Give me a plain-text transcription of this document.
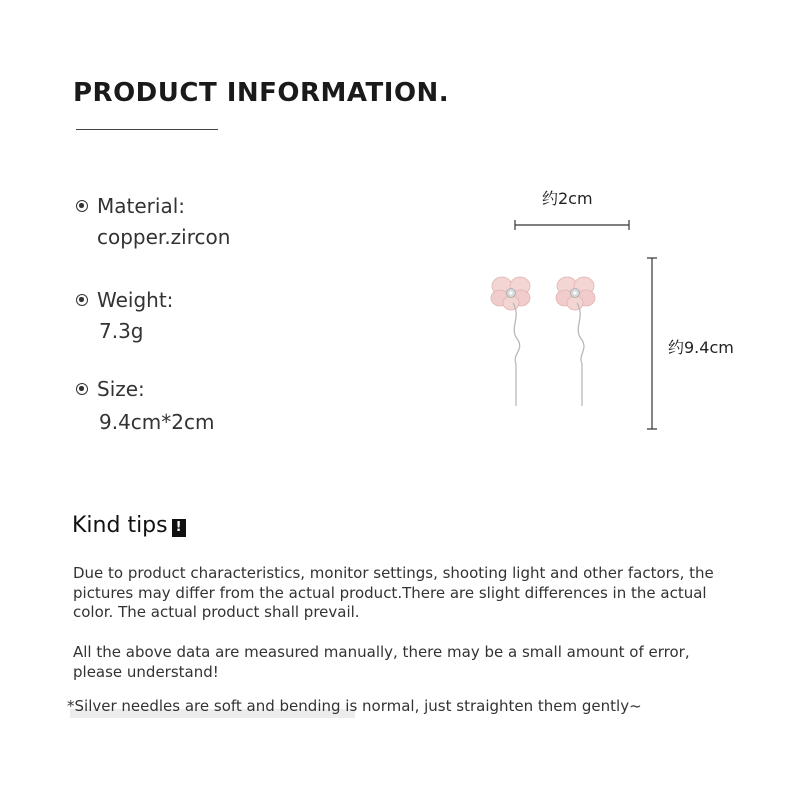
PRODUCT INFORMATION.
Material:
copper.zircon
Weight:
7.3g
Size:
9.4cm*2cm
约2cm
约9.4cm
Kind tips !
Due to product characteristics, monitor settings, shooting light and other factors, the pictures may differ from the actual product.There are slight differences in the actual color. The actual product shall prevail.
All the above data are measured manually, there may be a small amount of error, please understand!
*Silver needles are soft and bending is normal, just straighten them gently~
